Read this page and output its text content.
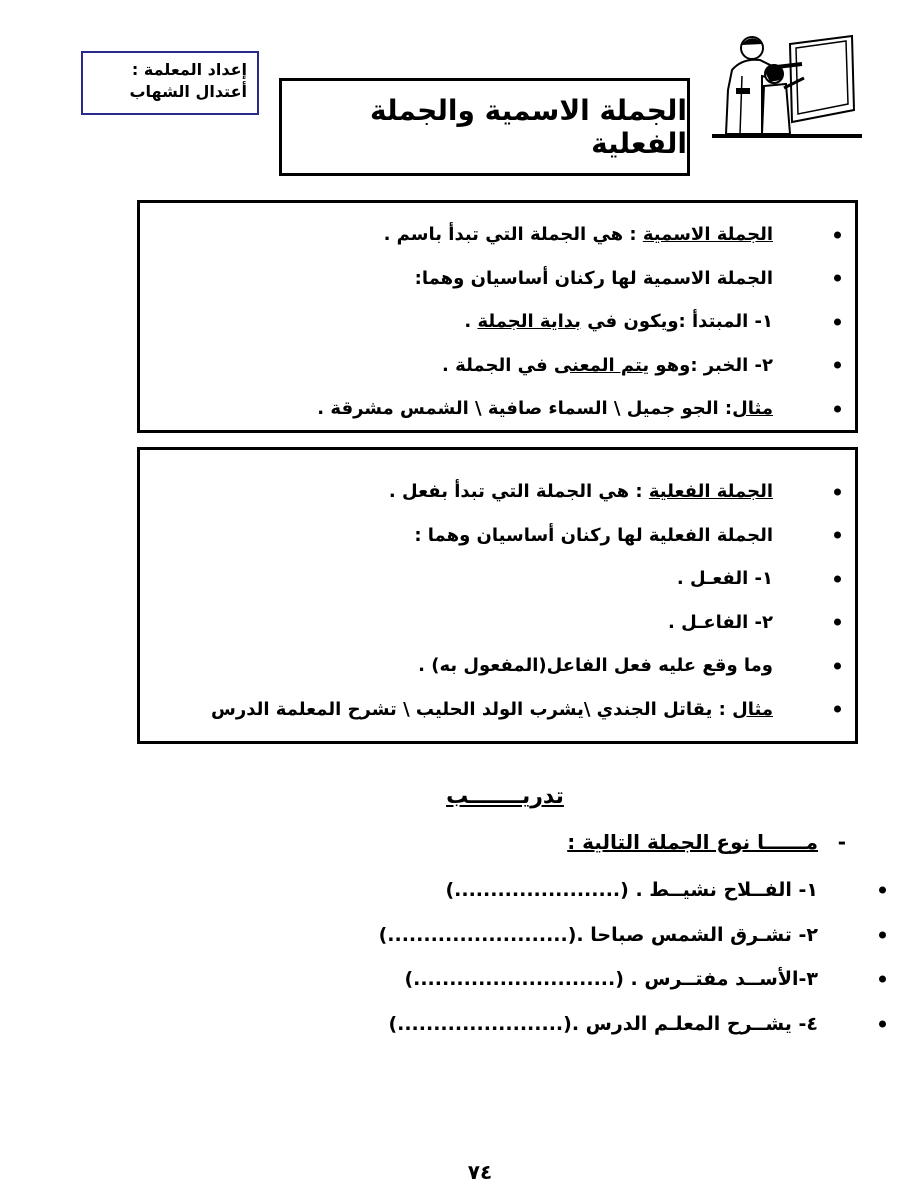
إعداد المعلمة :
أعتدال الشهاب
الجملة الاسمية والجملة الفعلية
الجملة الاسمية : هي الجملة التي تبدأ باسم .
الجملة الاسمية لها ركنان أساسيان وهما:
١- المبتدأ :ويكون في بداية الجملة .
٢- الخبر :وهو يتم المعنى في الجملة .
مثال: الجو جميل \ السماء صافية \ الشمس مشرقة .
الجملة الفعلية : هي الجملة التي تبدأ بفعل .
الجملة الفعلية لها ركنان أساسيان وهما :
١- الفعـل .
٢- الفاعـل .
وما وقع عليه فعل الفاعل(المفعول به) .
مثال : يقاتل الجندي \يشرب الولد الحليب \ تشرح المعلمة الدرس
تدريـــــــب
-
مــــــا نوع الجملة التالية :
١- الفــلاح نشيــط . (.......................)
٢- تشـرق الشمس صباحا .(.........................)
٣-الأســد مفتــرس . (............................)
٤- يشــرح المعلـم الدرس .(.......................)
٧٤
